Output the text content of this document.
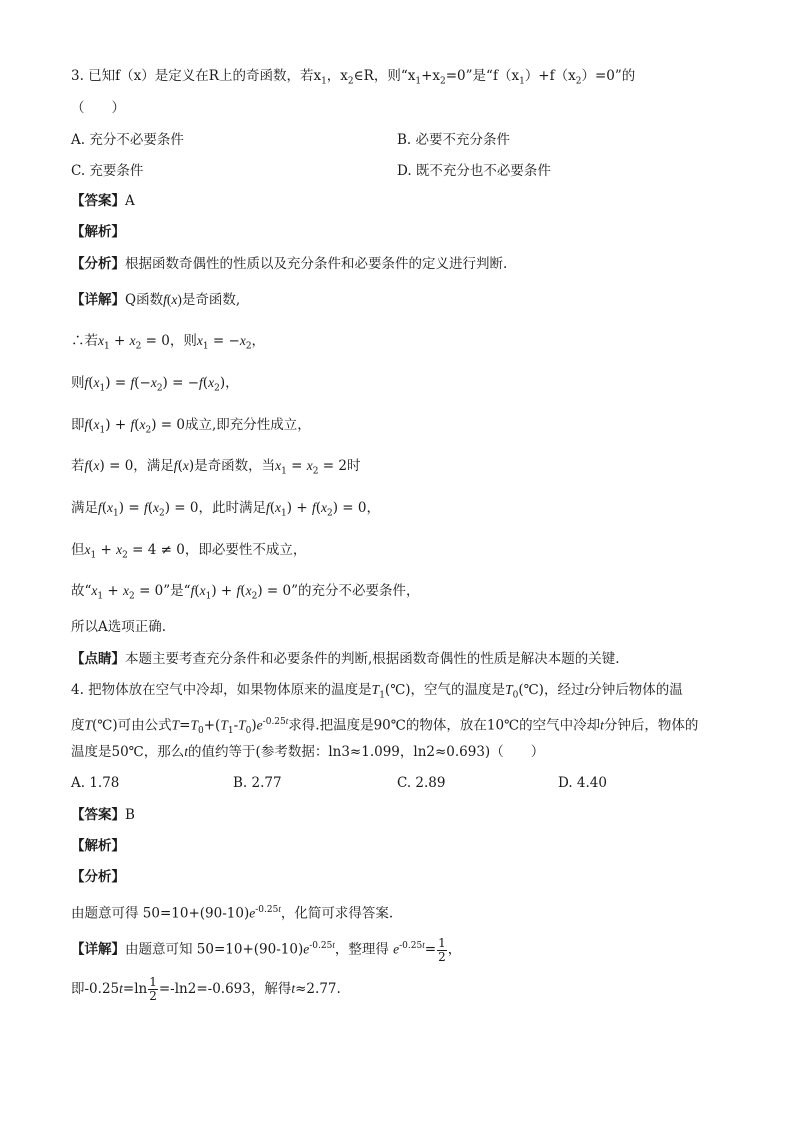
3. 已知f（x）是定义在R上的奇函数，若$x_1$，$x_2\in R$，则“$x_1+x_2=0$”是“$f(x_1)+f(x_2)=0$”的
（　　）
A. 充分不必要条件	B. 必要不充分条件
C. 充要条件	D. 既不充分也不必要条件
【答案】A
【解析】
【分析】根据函数奇偶性的性质以及充分条件和必要条件的定义进行判断.
【详解】Q函数f(x)是奇函数,
∴若$x_1 + x_2 = 0$，则$x_1 = -x_2$，
则$f(x_1) = f(-x_2) = -f(x_2)$，
即$f(x_1) + f(x_2) = 0$成立,即充分性成立，
若f(x) = 0，满足f(x)是奇函数，当$x_1 = x_2 = 2$时
满足$f(x_1) = f(x_2) = 0$，此时满足$f(x_1) + f(x_2) = 0$，
但$x_1 + x_2 = 4 \ne 0$，即必要性不成立，
故“$x_1 + x_2 = 0$”是“$f(x_1) + f(x_2) = 0$”的充分不必要条件，
所以A选项正确.
【点睛】本题主要考查充分条件和必要条件的判断,根据函数奇偶性的性质是解决本题的关键.
4. 把物体放在空气中冷却，如果物体原来的温度是$T_1(℃)$，空气的温度是$T_0(℃)$，经过t分钟后物体的温
度T(℃)可由公式$T=T_0+(T_1-T_0)e^{-0.25t}$求得.把温度是90℃的物体，放在10℃的空气中冷却t分钟后，物体的
温度是50℃，那么t的值约等于(参考数据：ln3≈1.099，ln2≈0.693)（　　）
A. 1.78	B. 2.77	C. 2.89	D. 4.40
【答案】B
【解析】
【分析】
由题意可得 $50=10+(90-10)e^{-0.25t}$，化简可求得答案.
【详解】由题意可知 $50=10+(90-10)e^{-0.25t}$，整理得 $e^{-0.25t}= \frac{1}{2}$ ，
即$-0.25t=\ln \frac{1}{2} =-\ln 2=-0.693$，解得t≈2.77.
